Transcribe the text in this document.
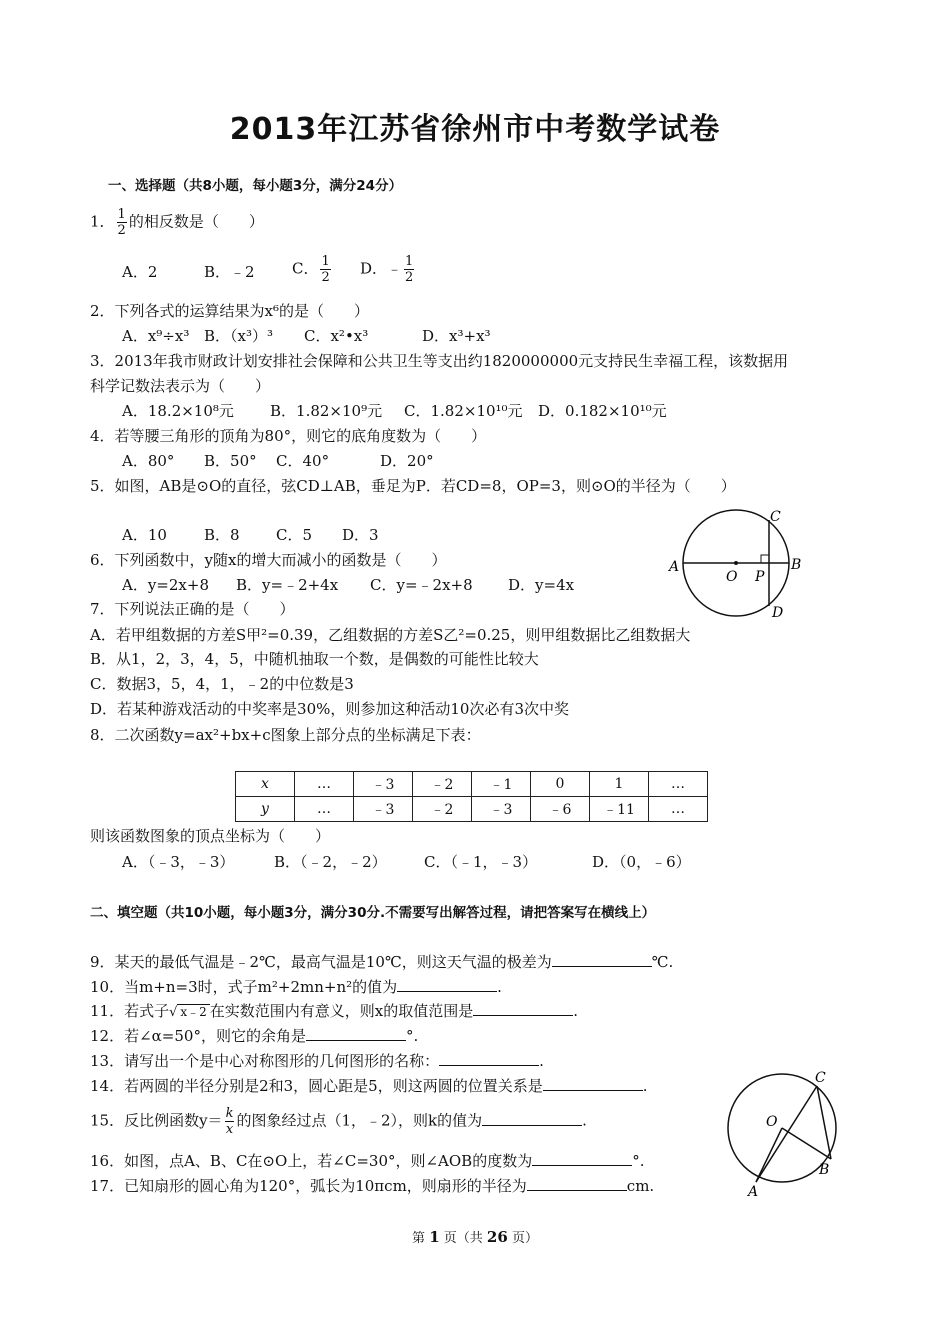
2013年江苏省徐州市中考数学试卷
一、选择题（共8小题，每小题3分，满分24分）
1． $\frac{1}{2}$ 的相反数是（　　）
A．2	B．﹣2 C． $\frac{1}{2}$ D．﹣ $\frac{1}{2}$
2．下列各式的运算结果为x⁶的是（　　）
A．x⁹÷x³ B．（x³）³ C．x²•x³	D．x³+x³
3．2013年我市财政计划安排社会保障和公共卫生等支出约1820000000元支持民生幸福工程，该数据用
科学记数法表示为（　　）
A．18.2×10⁸元 B．1.82×10⁹元 C．1.82×10¹⁰元 D．0.182×10¹⁰元
4．若等腰三角形的顶角为80°，则它的底角度数为（　　）
A．80° B．50° C．40°	D．20°
5．如图，AB是⊙O的直径，弦CD⊥AB，垂足为P．若CD=8，OP=3，则⊙O的半径为（　　）
A．10 B．8 C．5 D．3
A
O P
B
C
D
6．下列函数中，y随x的增大而减小的函数是（　　）
A．y=2x+8 B．y=﹣2+4x C．y=﹣2x+8 D．y=4x
7．下列说法正确的是（　　）
A．若甲组数据的方差S甲²=0.39，乙组数据的方差S乙²=0.25，则甲组数据比乙组数据大
B．从1，2，3，4，5，中随机抽取一个数，是偶数的可能性比较大
C．数据3，5，4，1，﹣2的中位数是3
D．若某种游戏活动的中奖率是30%，则参加这种活动10次必有3次中奖
8．二次函数y=ax²+bx+c图象上部分点的坐标满足下表：
x	…	﹣3	﹣2	﹣1	0	1	…
y	…	﹣3	﹣2	﹣3	﹣6	﹣11	…
则该函数图象的顶点坐标为（　　）
A．（﹣3，﹣3）	B．（﹣2，﹣2） C．（﹣1，﹣3）	D．（0，﹣6）
二、填空题（共10小题，每小题3分，满分30分.不需要写出解答过程，请把答案写在横线上）
9．某天的最低气温是﹣2℃，最高气温是10℃，则这天气温的极差为	℃.
10．当m+n=3时，式子m²+2mn+n²的值为	.
11．若式子√ x﹣2 在实数范围内有意义，则x的取值范围是	.
12．若∠α=50°，则它的余角是	°.
13．请写出一个是中心对称图形的几何图形的名称：	.
14．若两圆的半径分别是2和3，圆心距是5，则这两圆的位置关系是	.
15．反比例函数$y= \frac{k}{x}$ 的图象经过点（1，﹣2），则k的值为	.
16．如图，点A、B、C在⊙O上，若∠C=30°，则∠AOB的度数为	°.
17．已知扇形的圆心角为120°，弧长为10πcm，则扇形的半径为	cm.
C
O
B
A
第 1 页（共 26 页）
